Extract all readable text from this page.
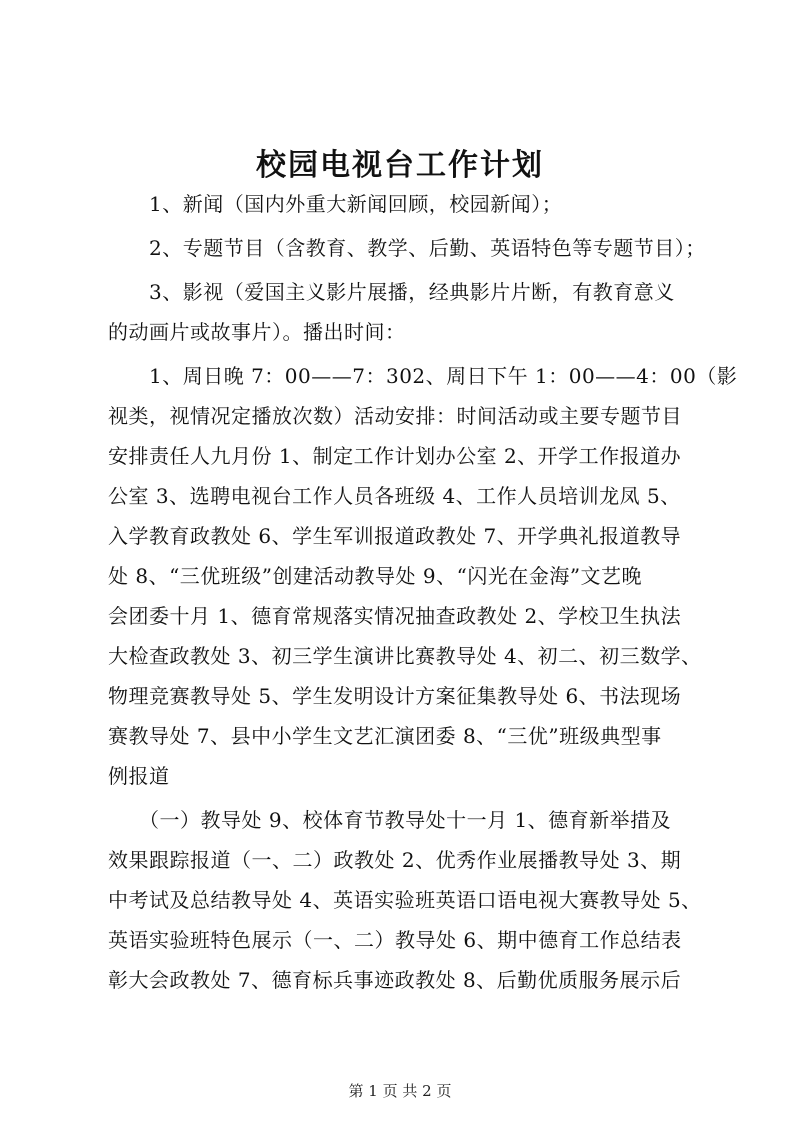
校园电视台工作计划
　　1、新闻（国内外重大新闻回顾，校园新闻）；
　　2、专题节目（含教育、教学、后勤、英语特色等专题节目）；
　　3、影视（爱国主义影片展播，经典影片片断，有教育意义
的动画片或故事片）。播出时间：
　　1、周日晚 7：00——7：302、周日下午 1：00——4：00（影
视类，视情况定播放次数）活动安排：时间活动或主要专题节目
安排责任人九月份 1、制定工作计划办公室 2、开学工作报道办
公室 3、选聘电视台工作人员各班级 4、工作人员培训龙凤 5、
入学教育政教处 6、学生军训报道政教处 7、开学典礼报道教导
处 8、“三优班级”创建活动教导处 9、“闪光在金海”文艺晚
会团委十月 1、德育常规落实情况抽查政教处 2、学校卫生执法
大检查政教处 3、初三学生演讲比赛教导处 4、初二、初三数学、
物理竞赛教导处 5、学生发明设计方案征集教导处 6、书法现场
赛教导处 7、县中小学生文艺汇演团委 8、“三优”班级典型事
例报道
　　（一）教导处 9、校体育节教导处十一月 1、德育新举措及
效果跟踪报道（一、二）政教处 2、优秀作业展播教导处 3、期
中考试及总结教导处 4、英语实验班英语口语电视大赛教导处 5、
英语实验班特色展示（一、二）教导处 6、期中德育工作总结表
彰大会政教处 7、德育标兵事迹政教处 8、后勤优质服务展示后
第 1 页 共 2 页
